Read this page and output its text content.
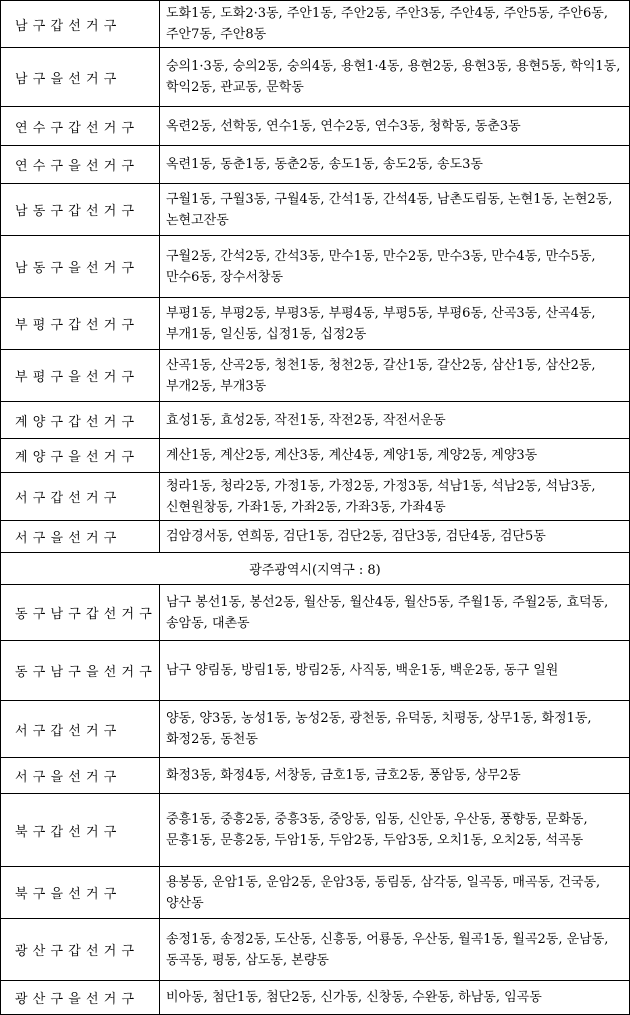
남구갑선거구	도화1동, 도화2·3동, 주안1동, 주안2동, 주안3동, 주안4동, 주안5동, 주안6동, 주안7동, 주안8동
남구을선거구	숭의1·3동, 숭의2동, 숭의4동, 용현1·4동, 용현2동, 용현3동, 용현5동, 학익1동, 학익2동, 관교동, 문학동
연수구갑선거구	옥련2동, 선학동, 연수1동, 연수2동, 연수3동, 청학동, 동춘3동
연수구을선거구	옥련1동, 동춘1동, 동춘2동, 송도1동, 송도2동, 송도3동
남동구갑선거구	구월1동, 구월3동, 구월4동, 간석1동, 간석4동, 남촌도림동, 논현1동, 논현2동, 논현고잔동
남동구을선거구	구월2동, 간석2동, 간석3동, 만수1동, 만수2동, 만수3동, 만수4동, 만수5동, 만수6동, 장수서창동
부평구갑선거구	부평1동, 부평2동, 부평3동, 부평4동, 부평5동, 부평6동, 산곡3동, 산곡4동, 부개1동, 일신동, 십정1동, 십정2동
부평구을선거구	산곡1동, 산곡2동, 청천1동, 청천2동, 갈산1동, 갈산2동, 삼산1동, 삼산2동, 부개2동, 부개3동
계양구갑선거구	효성1동, 효성2동, 작전1동, 작전2동, 작전서운동
계양구을선거구	계산1동, 계산2동, 계산3동, 계산4동, 계양1동, 계양2동, 계양3동
서구갑선거구	청라1동, 청라2동, 가정1동, 가정2동, 가정3동, 석남1동, 석남2동, 석남3동, 신현원창동, 가좌1동, 가좌2동, 가좌3동, 가좌4동
서구을선거구	검암경서동, 연희동, 검단1동, 검단2동, 검단3동, 검단4동, 검단5동
광주광역시(지역구 : 8)	
동구남구갑선거구	남구 봉선1동, 봉선2동, 월산동, 월산4동, 월산5동, 주월1동, 주월2동, 효덕동, 송암동, 대촌동
동구남구을선거구	남구 양림동, 방림1동, 방림2동, 사직동, 백운1동, 백운2동, 동구 일원
서구갑선거구	양동, 양3동, 농성1동, 농성2동, 광천동, 유덕동, 치평동, 상무1동, 화정1동, 화정2동, 동천동
서구을선거구	화정3동, 화정4동, 서창동, 금호1동, 금호2동, 풍암동, 상무2동
북구갑선거구	중흥1동, 중흥2동, 중흥3동, 중앙동, 임동, 신안동, 우산동, 풍향동, 문화동, 문흥1동, 문흥2동, 두암1동, 두암2동, 두암3동, 오치1동, 오치2동, 석곡동
북구을선거구	용봉동, 운암1동, 운암2동, 운암3동, 동림동, 삼각동, 일곡동, 매곡동, 건국동, 양산동
광산구갑선거구	송정1동, 송정2동, 도산동, 신흥동, 어룡동, 우산동, 월곡1동, 월곡2동, 운남동, 동곡동, 평동, 삼도동, 본량동
광산구을선거구	비아동, 첨단1동, 첨단2동, 신가동, 신창동, 수완동, 하남동, 임곡동
